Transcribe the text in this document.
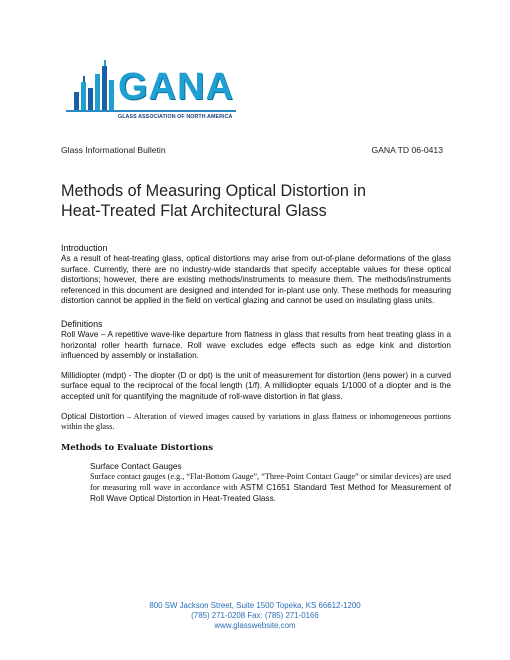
GANA
GLASS ASSOCIATION OF NORTH AMERICA
Glass Informational Bulletin	GANA TD 06-0413
Methods of Measuring Optical Distortion in
Heat-Treated Flat Architectural Glass

Introduction

As a result of heat-treating glass, optical distortions may arise from out-of-plane deformations of the glass surface. Currently, there are no industry-wide standards that specify acceptable values for these optical distortions; however, there are existing methods/instruments to measure them. The methods/instruments referenced in this document are designed and intended for in-plant use only. These methods for measuring distortion cannot be applied in the field on vertical glazing and cannot be used on insulating glass units.

Definitions

Roll Wave – A repetitive wave-like departure from flatness in glass that results from heat treating glass in a horizontal roller hearth furnace. Roll wave excludes edge effects such as edge kink and distortion influenced by assembly or installation.

Millidiopter (mdpt) - The diopter (D or dpt) is the unit of measurement for distortion (lens power) in a curved surface equal to the reciprocal of the focal length (1/f). A millidiopter equals 1/1000 of a diopter and is the accepted unit for quantifying the magnitude of roll-wave distortion in flat glass.

Optical Distortion – Alteration of viewed images caused by variations in glass flatness or inhomogeneous portions within the glass.

Methods to Evaluate Distortions

Surface Contact Gauges

Surface contact gauges (e.g., “Flat-Bottom Gauge”, “Three-Point Contact Gauge” or similar devices) are used for measuring roll wave in accordance with ASTM C1651 Standard Test Method for Measurement of Roll Wave Optical Distortion in Heat-Treated Glass.

800 SW Jackson Street, Suite 1500 Topeka, KS 66612-1200
(785) 271-0208 Fax: (785) 271-0166
www.glasswebsite.com
